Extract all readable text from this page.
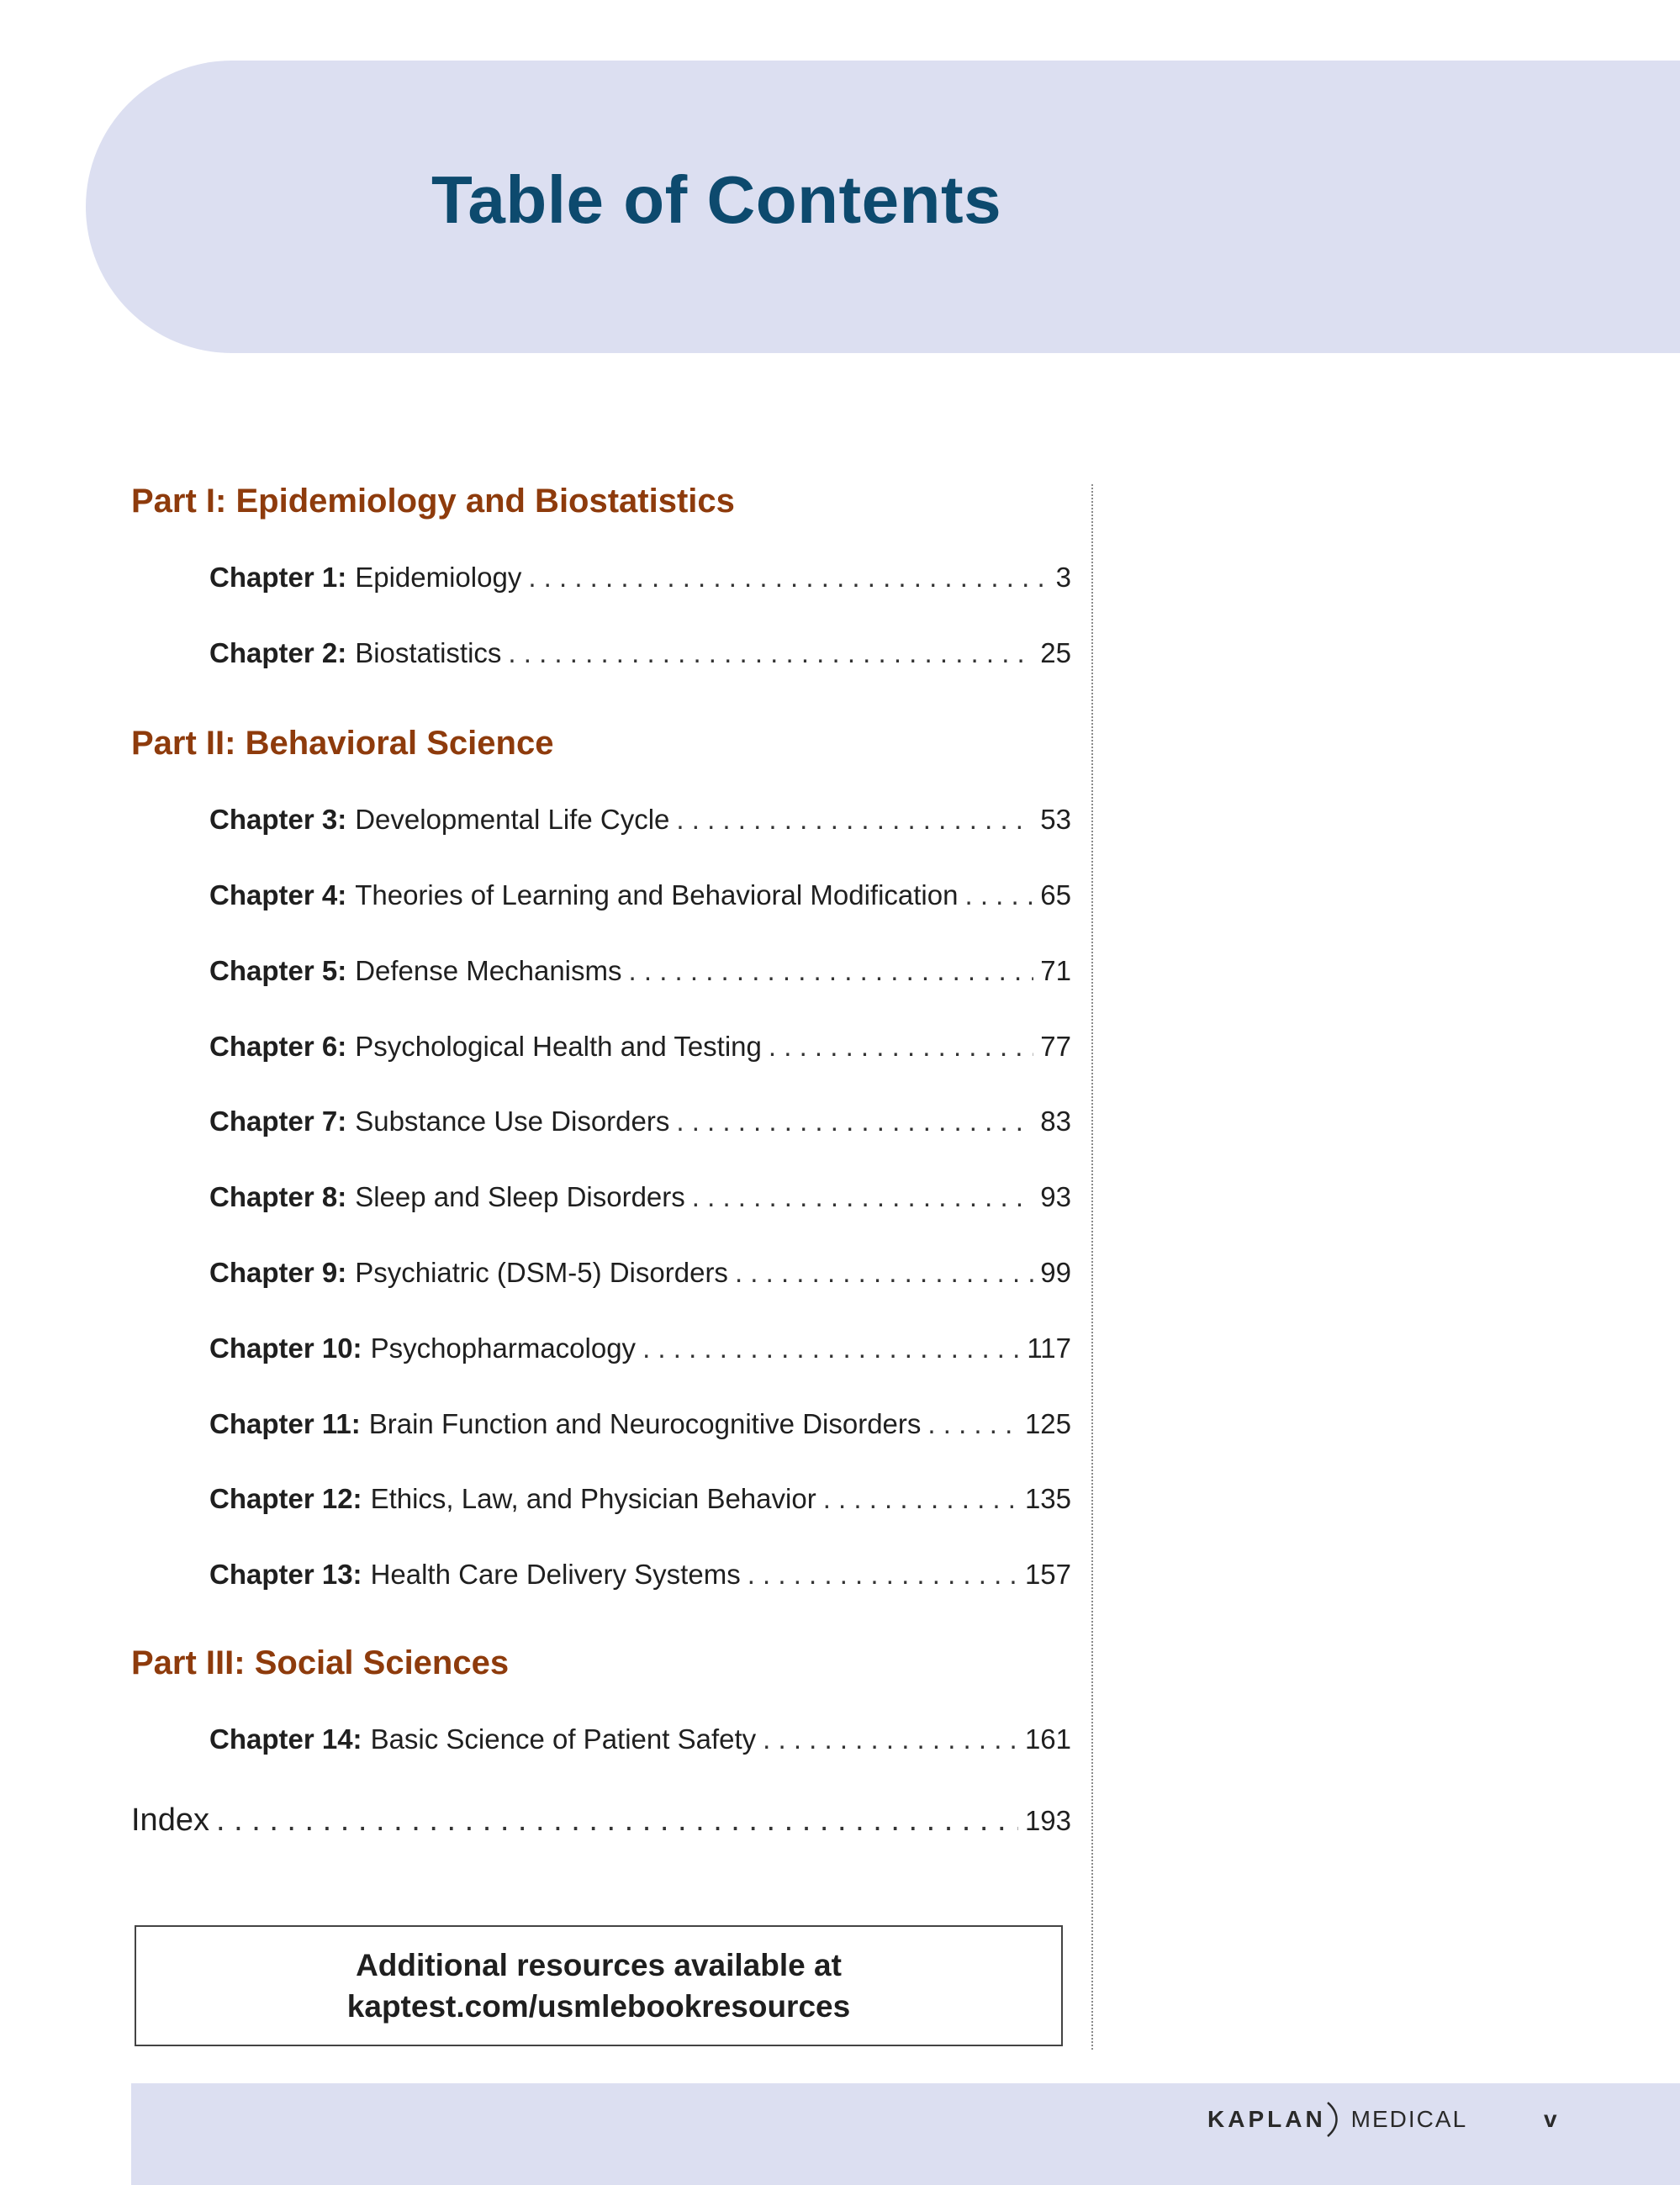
Table of Contents
Part I: Epidemiology and Biostatistics
Chapter 1: Epidemiology . . .	3
Chapter 2: Biostatistics . . .	25
Part II: Behavioral Science
Chapter 3: Developmental Life Cycle . . .	53
Chapter 4: Theories of Learning and Behavioral Modification . . .	65
Chapter 5: Defense Mechanisms . . .	71
Chapter 6: Psychological Health and Testing . . .	77
Chapter 7: Substance Use Disorders . . .	83
Chapter 8: Sleep and Sleep Disorders . . .	93
Chapter 9: Psychiatric (DSM-5) Disorders . . .	99
Chapter 10: Psychopharmacology . . .	117
Chapter 11: Brain Function and Neurocognitive Disorders . . .	125
Chapter 12: Ethics, Law, and Physician Behavior . . .	135
Chapter 13: Health Care Delivery Systems . . .	157
Part III: Social Sciences
Chapter 14: Basic Science of Patient Safety . . .	161
Index . . .	193
Additional resources available at
kaptest.com/usmlebookresources
KAPLAN	MEDICAL	v
